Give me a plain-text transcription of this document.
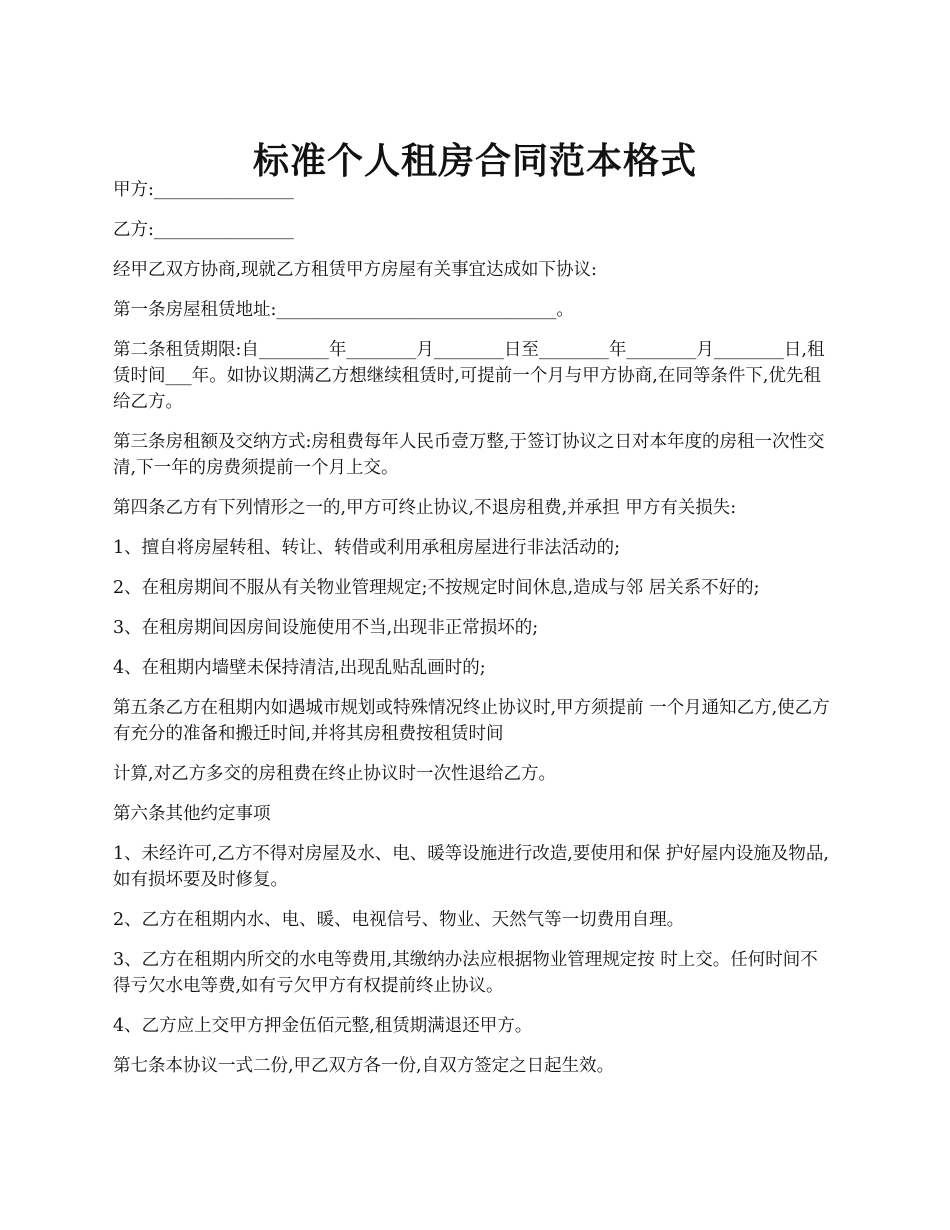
标准个人租房合同范本格式

甲方:________________

乙方:________________

经甲乙双方协商,现就乙方租赁甲方房屋有关事宜达成如下协议:

第一条房屋租赁地址:________________________________。

第二条租赁期限:自________年________月________日至________年________月________日,租赁时间___年。如协议期满乙方想继续租赁时,可提前一个月与甲方协商,在同等条件下,优先租给乙方。

第三条房租额及交纳方式:房租费每年人民币壹万整,于签订协议之日对本年度的房租一次性交清,下一年的房费须提前一个月上交。

第四条乙方有下列情形之一的,甲方可终止协议,不退房租费,并承担 甲方有关损失:

1、擅自将房屋转租、转让、转借或利用承租房屋进行非法活动的;

2、在租房期间不服从有关物业管理规定;不按规定时间休息,造成与邻 居关系不好的;

3、在租房期间因房间设施使用不当,出现非正常损坏的;

4、在租期内墙壁未保持清洁,出现乱贴乱画时的;

第五条乙方在租期内如遇城市规划或特殊情况终止协议时,甲方须提前 一个月通知乙方,使乙方有充分的准备和搬迁时间,并将其房租费按租赁时间

计算,对乙方多交的房租费在终止协议时一次性退给乙方。

第六条其他约定事项

1、未经许可,乙方不得对房屋及水、电、暖等设施进行改造,要使用和保 护好屋内设施及物品,如有损坏要及时修复。

2、乙方在租期内水、电、暖、电视信号、物业、天然气等一切费用自理。

3、乙方在租期内所交的水电等费用,其缴纳办法应根据物业管理规定按 时上交。任何时间不得亏欠水电等费,如有亏欠甲方有权提前终止协议。

4、乙方应上交甲方押金伍佰元整,租赁期满退还甲方。

第七条本协议一式二份,甲乙双方各一份,自双方签定之日起生效。
